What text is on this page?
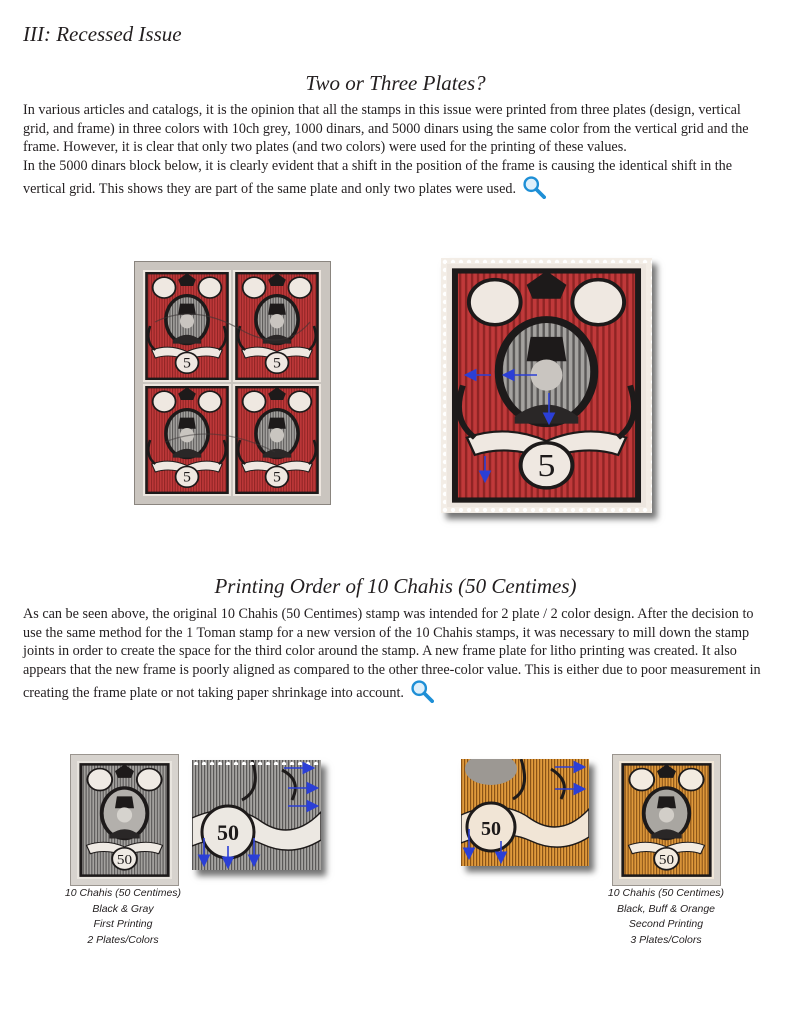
III: Recessed Issue
Two or Three Plates?

In various articles and catalogs, it is the opinion that all the stamps in this issue were printed from three plates (design, vertical grid, and frame) in three colors with 10ch grey, 1000 dinars, and 5000 dinars using the same color from the vertical grid and the frame. However, it is clear that only two plates (and two colors) were used for the printing of these values.

In the 5000 dinars block below, it is clearly evident that a shift in the position of the frame is causing the identical shift in the vertical grid. This shows they are part of the same plate and only two plates were used.

5	5
5	5	5
Printing Order of 10 Chahis (50 Centimes)

As can be seen above, the original 10 Chahis (50 Centimes) stamp was intended for 2 plate / 2 color design. After the decision to use the same method for the 1 Toman stamp for a new version of the 10 Chahis stamps, it was necessary to mill down the stamp joints in order to create the space for the third color around the stamp. A new frame plate for litho printing was created. It also appears that the new frame is poorly aligned as compared to the other three-color value. This is either due to poor measurement in creating the frame plate or not taking paper shrinkage into account.

50
50	50
50
10 Chahis (50 Centimes)
Black & Gray
First Printing
2 Plates/Colors
10 Chahis (50 Centimes)
Black, Buff & Orange
Second Printing
3 Plates/Colors
